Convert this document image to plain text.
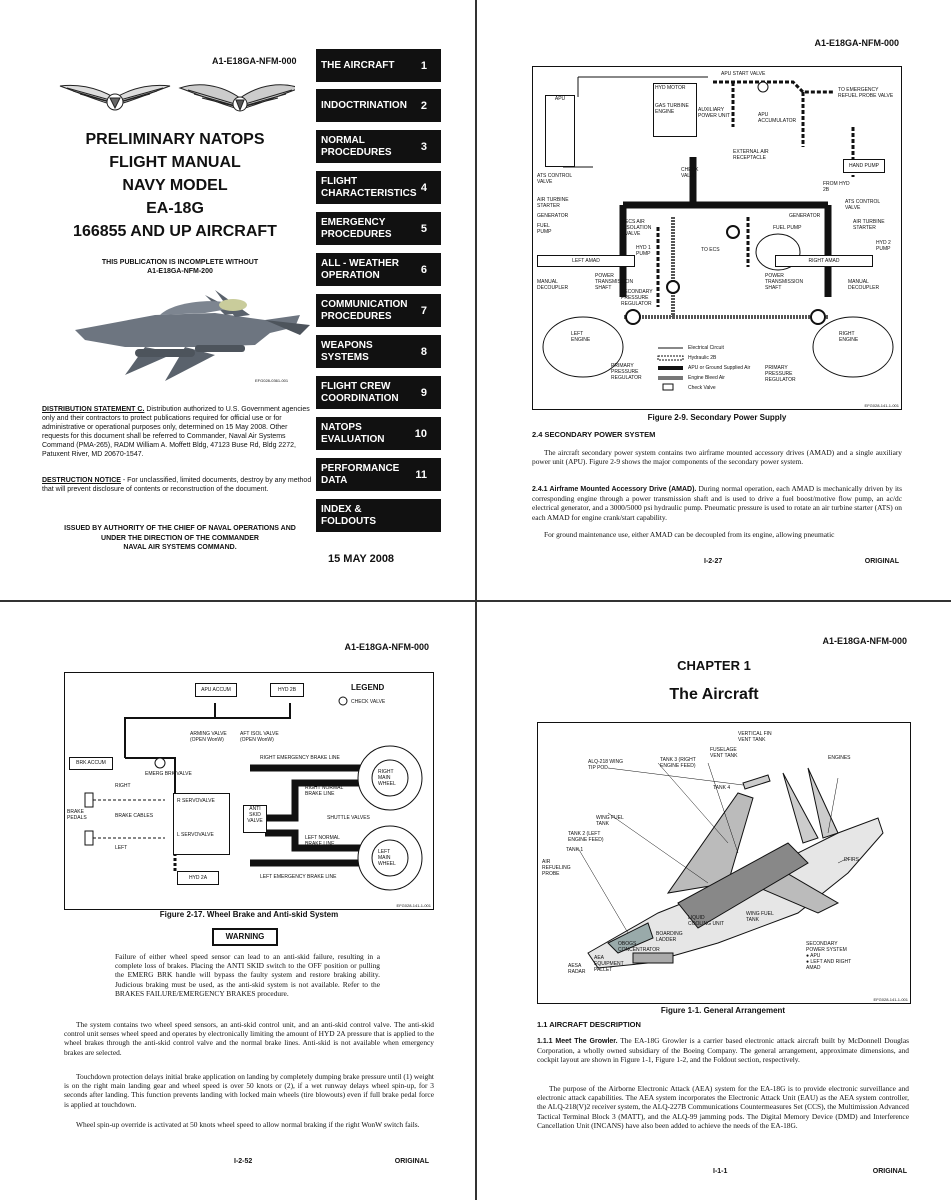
A1-E18GA-NFM-000
PRELIMINARY NATOPS
FLIGHT MANUAL
NAVY MODEL
EA-18G
166855 AND UP AIRCRAFT
THIS PUBLICATION IS INCOMPLETE WITHOUT
A1-E18GA-NFM-200
EFG028-0361-001
DISTRIBUTION STATEMENT C. Distribution authorized to U.S. Government agencies only and their contractors to protect publications required for official use or for administrative or operational purposes only, determined on 15 May 2008. Other requests for this document shall be referred to Commander, Naval Air Systems Command (PMA-265), RADM William A. Moffett Bldg, 47123 Buse Rd, Bldg 2272, Patuxent River, MD 20670-1547.
DESTRUCTION NOTICE - For unclassified, limited documents, destroy by any method that will prevent disclosure of contents or reconstruction of the document.
ISSUED BY AUTHORITY OF THE CHIEF OF NAVAL OPERATIONS AND
UNDER THE DIRECTION OF THE COMMANDER
NAVAL AIR SYSTEMS COMMAND.
15 MAY 2008
THE AIRCRAFT	1
INDOCTRINATION	2
NORMAL PROCEDURES	3
FLIGHT CHARACTERISTICS 4
EMERGENCY PROCEDURES	5
ALL - WEATHER OPERATION	6
COMMUNICATION PROCEDURES	7
WEAPONS SYSTEMS	8
FLIGHT CREW COORDINATION	9
NATOPS EVALUATION	10
PERFORMANCE DATA	11
INDEX & FOLDOUTS
A1-E18GA-NFM-000
APU
HYD MOTOR
GAS TURBINE ENGINE
APU START VALVE
AUXILIARY POWER UNIT	APU ACCUMULATOR
TO EMERGENCY REFUEL PROBE VALVE
HAND PUMP
EXTERNAL AIR RECEPTACLE
CHECK VALVE
FROM HYD 2B
ATS CONTROL VALVE
ATS CONTROL VALVE
AIR TURBINE STARTER
AIR TURBINE STARTER
GENERATOR	GENERATOR
FUEL PUMP
FUEL PUMP
ECS AIR ISOLATION VALVE
HYD 1 PUMP
HYD 2 PUMP
TO ECS
LEFT AMAD	RIGHT AMAD
MANUAL DECOUPLER
MANUAL DECOUPLER
POWER TRANSMISSION SHAFT
POWER TRANSMISSION SHAFT
SECONDARY PRESSURE REGULATOR
LEFT ENGINE
RIGHT ENGINE
PRIMARY PRESSURE REGULATOR
PRIMARY PRESSURE REGULATOR
Electrical Circuit
Hydraulic 2B
APU or Ground Supplied Air
Engine Bleed Air
Check Valve
EFG028-141-1-001
Figure 2-9. Secondary Power Supply
2.4 SECONDARY POWER SYSTEM
The aircraft secondary power system contains two airframe mounted accessory drives (AMAD) and a single auxiliary power unit (APU). Figure 2-9 shows the major components of the secondary power system.
2.4.1 Airframe Mounted Accessory Drive (AMAD). During normal operation, each AMAD is mechanically driven by its corresponding engine through a power transmission shaft and is used to drive a fuel boost/motive flow pump, an ac/dc electrical generator, and a 3000/5000 psi hydraulic pump. Pneumatic pressure is used to rotate an air turbine starter (ATS) on each AMAD for engine crank/start capability.
For ground maintenance use, either AMAD can be decoupled from its engine, allowing pneumatic
I-2-27	ORIGINAL
A1-E18GA-NFM-000
APU ACCUM	HYD 2B	LEGEND
CHECK VALVE
ARMING VALVE (OPEN WonW)
AFT ISOL VALVE (OPEN WonW)
BRK ACCUM
EMERG BRK VALVE
RIGHT EMERGENCY BRAKE LINE
RIGHT
BRAKE PEDALS	BRAKE CABLES
LEFT
R SERVOVALVE
L SERVOVALVE
ANTI SKID VALVE
RIGHT NORMAL BRAKE LINE
SHUTTLE VALVES
LEFT NORMAL BRAKE LINE
RIGHT MAIN WHEEL
LEFT MAIN WHEEL
HYD 2A	LEFT EMERGENCY BRAKE LINE
EFG028-141-1-001
Figure 2-17. Wheel Brake and Anti-skid System
WARNING
Failure of either wheel speed sensor can lead to an anti-skid failure, resulting in a complete loss of brakes. Placing the ANTI SKID switch to the OFF position or pulling the EMERG BRK handle will bypass the faulty system and restore braking ability. Judicious braking must be used, as the anti-skid system is not available. Refer to the BRAKES FAILURE/EMERGENCY BRAKES procedure.
The system contains two wheel speed sensors, an anti-skid control unit, and an anti-skid control valve. The anti-skid control unit senses wheel speed and operates by electronically limiting the amount of HYD 2A pressure that is applied to the wheel brakes through the anti-skid control valve and the normal brake lines. Anti-skid is not available when emergency brakes are selected.
Touchdown protection delays initial brake application on landing by completely dumping brake pressure until (1) weight is on the right main landing gear and wheel speed is over 50 knots or (2), if a wet runway delays wheel spin-up, for 3 seconds after landing. This function prevents landing with locked main wheels (tire blowouts) even if full brake pedal force is applied at touchdown.
Wheel spin-up override is activated at 50 knots wheel speed to allow normal braking if the right WonW switch fails.
I-2-52	ORIGINAL
A1-E18GA-NFM-000
CHAPTER 1
The Aircraft
VERTICAL FIN VENT TANK
ALQ-218 WING TIP POD
TANK 3 (RIGHT ENGINE FEED)
FUSELAGE VENT TANK	ENGINES
TANK 4
WING FUEL TANK
TANK 2 (LEFT ENGINE FEED)
TANK 1
AIR REFUELING PROBE
DFIRS
LIQUID COOLING UNIT
WING FUEL TANK
BOARDING LADDER
OBOGS CONCENTRATOR
AEA EQUIPMENT PALLET
AESA RADAR
SECONDARY POWER SYSTEM
● APU
● LEFT AND RIGHT AMAD
EFG028-141-1-001
Figure 1-1. General Arrangement
1.1 AIRCRAFT DESCRIPTION
1.1.1 Meet The Growler. The EA-18G Growler is a carrier based electronic attack aircraft built by McDonnell Douglas Corporation, a wholly owned subsidiary of the Boeing Company. The general arrangement, approximate dimensions, and cockpit layout are shown in Figure 1-1, Figure 1-2, and the Foldout section, respectively.
The purpose of the Airborne Electronic Attack (AEA) system for the EA-18G is to provide electronic surveillance and electronic attack capabilities. The AEA system incorporates the Electronic Attack Unit (EAU) as the AEA system controller, the ALQ-218(V)2 receiver system, the ALQ-227B Communications Countermeasures Set (CCS), the Multimission Advanced Tactical Terminal Block 3 (MATT), and the ALQ-99 jamming pods. The Digital Memory Device (DMD) and Interference Cancellation Unit (INCANS) have also been added to achieve the needs of the EA-18G.
I-1-1	ORIGINAL
